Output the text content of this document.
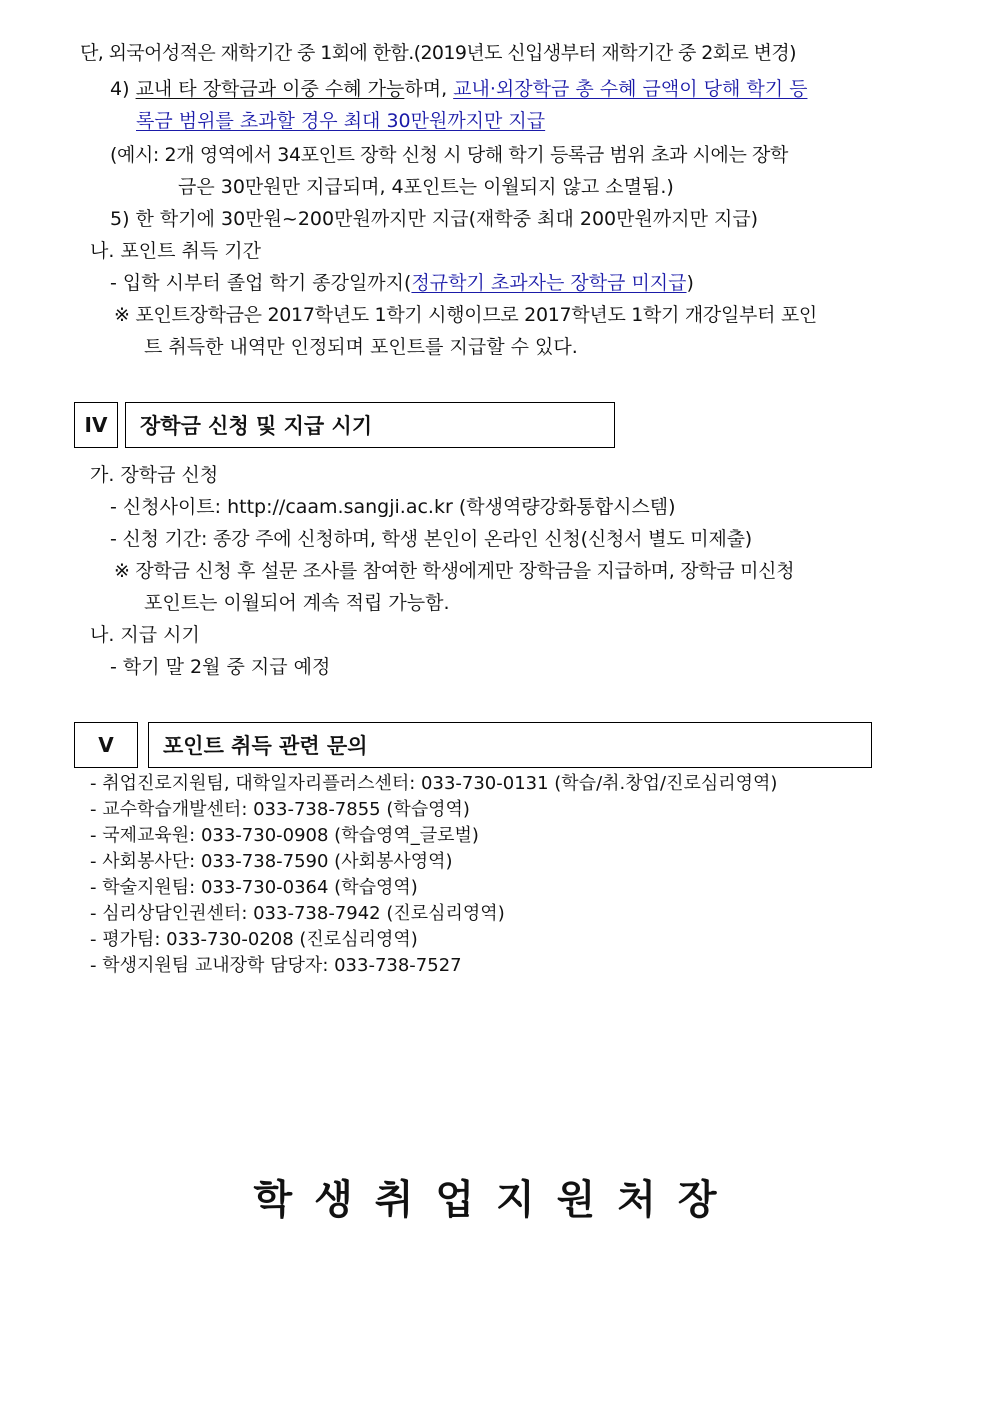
단, 외국어성적은 재학기간 중 1회에 한함.(2019년도 신입생부터 재학기간 중 2회로 변경)
4) 교내 타 장학금과 이중 수혜 가능하며, 교내·외장학금 총 수혜 금액이 당해 학기 등
록금 범위를 초과할 경우 최대 30만원까지만 지급
(예시: 2개 영역에서 34포인트 장학 신청 시 당해 학기 등록금 범위 초과 시에는 장학
금은 30만원만 지급되며, 4포인트는 이월되지 않고 소멸됨.)
5) 한 학기에 30만원~200만원까지만 지급(재학중 최대 200만원까지만 지급)
나. 포인트 취득 기간
- 입학 시부터 졸업 학기 종강일까지(정규학기 초과자는 장학금 미지급)
※ 포인트장학금은 2017학년도 1학기 시행이므로 2017학년도 1학기 개강일부터 포인
트 취득한 내역만 인정되며 포인트를 지급할 수 있다.
IV	장학금 신청 및 지급 시기
가. 장학금 신청
- 신청사이트: http://caam.sangji.ac.kr (학생역량강화통합시스템)
- 신청 기간: 종강 주에 신청하며, 학생 본인이 온라인 신청(신청서 별도 미제출)
※ 장학금 신청 후 설문 조사를 참여한 학생에게만 장학금을 지급하며, 장학금 미신청
포인트는 이월되어 계속 적립 가능함.
나. 지급 시기
- 학기 말 2월 중 지급 예정
V	포인트 취득 관련 문의
- 취업진로지원팀, 대학일자리플러스센터: 033-730-0131 (학습/취.창업/진로심리영역)
- 교수학습개발센터: 033-738-7855 (학습영역)
- 국제교육원: 033-730-0908 (학습영역_글로벌)
- 사회봉사단: 033-738-7590 (사회봉사영역)
- 학술지원팀: 033-730-0364 (학습영역)
- 심리상담인권센터: 033-738-7942 (진로심리영역)
- 평가팀: 033-730-0208 (진로심리영역)
- 학생지원팀 교내장학 담당자: 033-738-7527
학생취업지원처장
